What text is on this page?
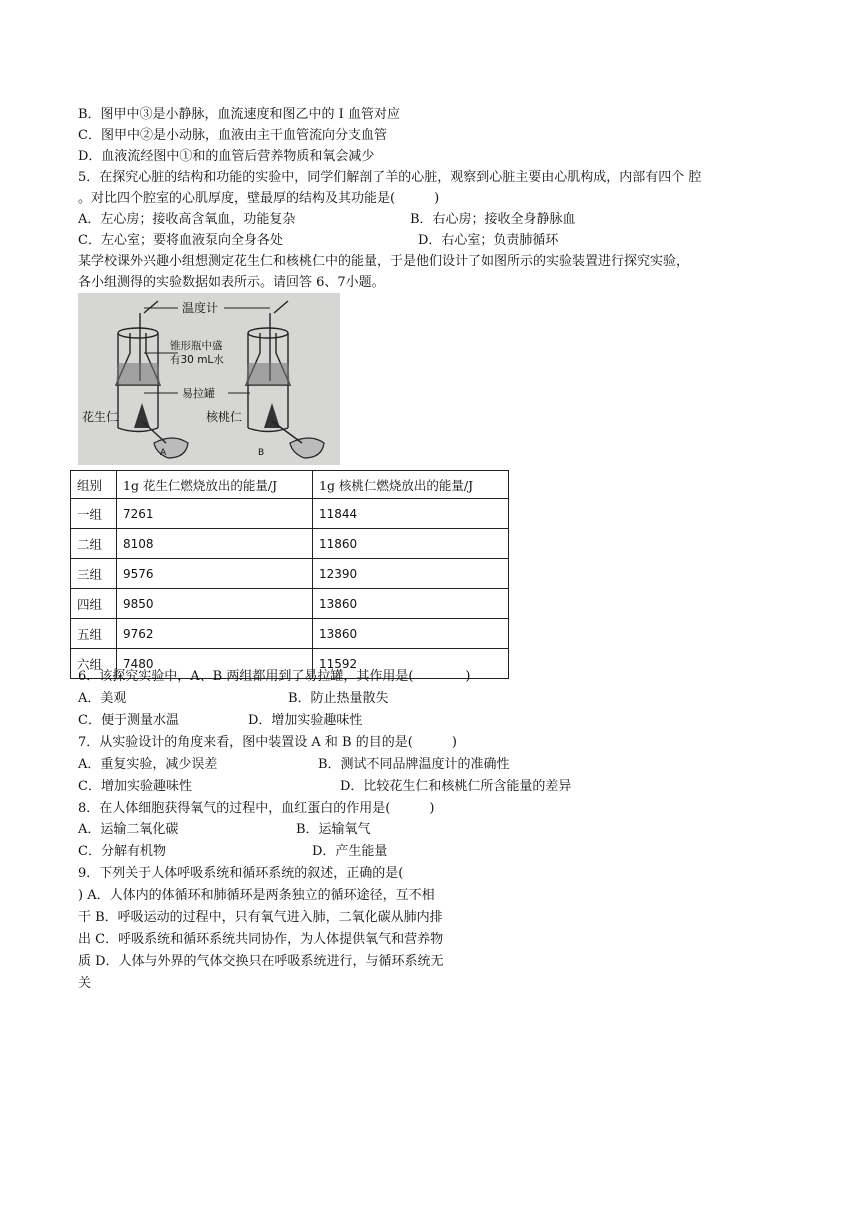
B．图甲中③是小静脉，血流速度和图乙中的 Ⅰ 血管对应
C．图甲中②是小动脉，血液由主干血管流向分支血管
D．血液流经图中①和的血管后营养物质和氧会减少
5．在探究心脏的结构和功能的实验中，同学们解剖了羊的心脏，观察到心脏主要由心肌构成，内部有四个 腔
。对比四个腔室的心肌厚度，壁最厚的结构及其功能是(　　　)
A．左心房；接收高含氧血，功能复杂	B．右心房；接收全身静脉血
C．左心室；要将血液泵向全身各处	D．右心室；负责肺循环
某学校课外兴趣小组想测定花生仁和核桃仁中的能量，于是他们设计了如图所示的实验装置进行探究实验，
各小组测得的实验数据如表所示。请回答 6、7小题。
温度计
锥形瓶中盛
有30 mL水
易拉罐
花生仁	核桃仁
A	B
组别	1g 花生仁燃烧放出的能量/J	1g 核桃仁燃烧放出的能量/J
一组	7261	11844
二组	8108	11860
三组	9576	12390
四组	9850	13860
五组	9762	13860
六组	7480	11592
6．该探究实验中，A、B 两组都用到了易拉罐，其作用是(　　　　)
A．美观	B．防止热量散失
C．便于测量水温	D．增加实验趣味性
7．从实验设计的角度来看，图中装置设 A 和 B 的目的是(　　　)
A．重复实验，减少误差	B．测试不同品牌温度计的准确性
C．增加实验趣味性	D．比较花生仁和核桃仁所含能量的差异
8．在人体细胞获得氧气的过程中，血红蛋白的作用是(　　　)
A．运输二氧化碳	B．运输氧气
C．分解有机物	D．产生能量
9．下列关于人体呼吸系统和循环系统的叙述，正确的是(
) A．人体内的体循环和肺循环是两条独立的循环途径，互不相
干 B．呼吸运动的过程中，只有氧气进入肺，二氧化碳从肺内排
出 C．呼吸系统和循环系统共同协作，为人体提供氧气和营养物
质 D．人体与外界的气体交换只在呼吸系统进行，与循环系统无
关
